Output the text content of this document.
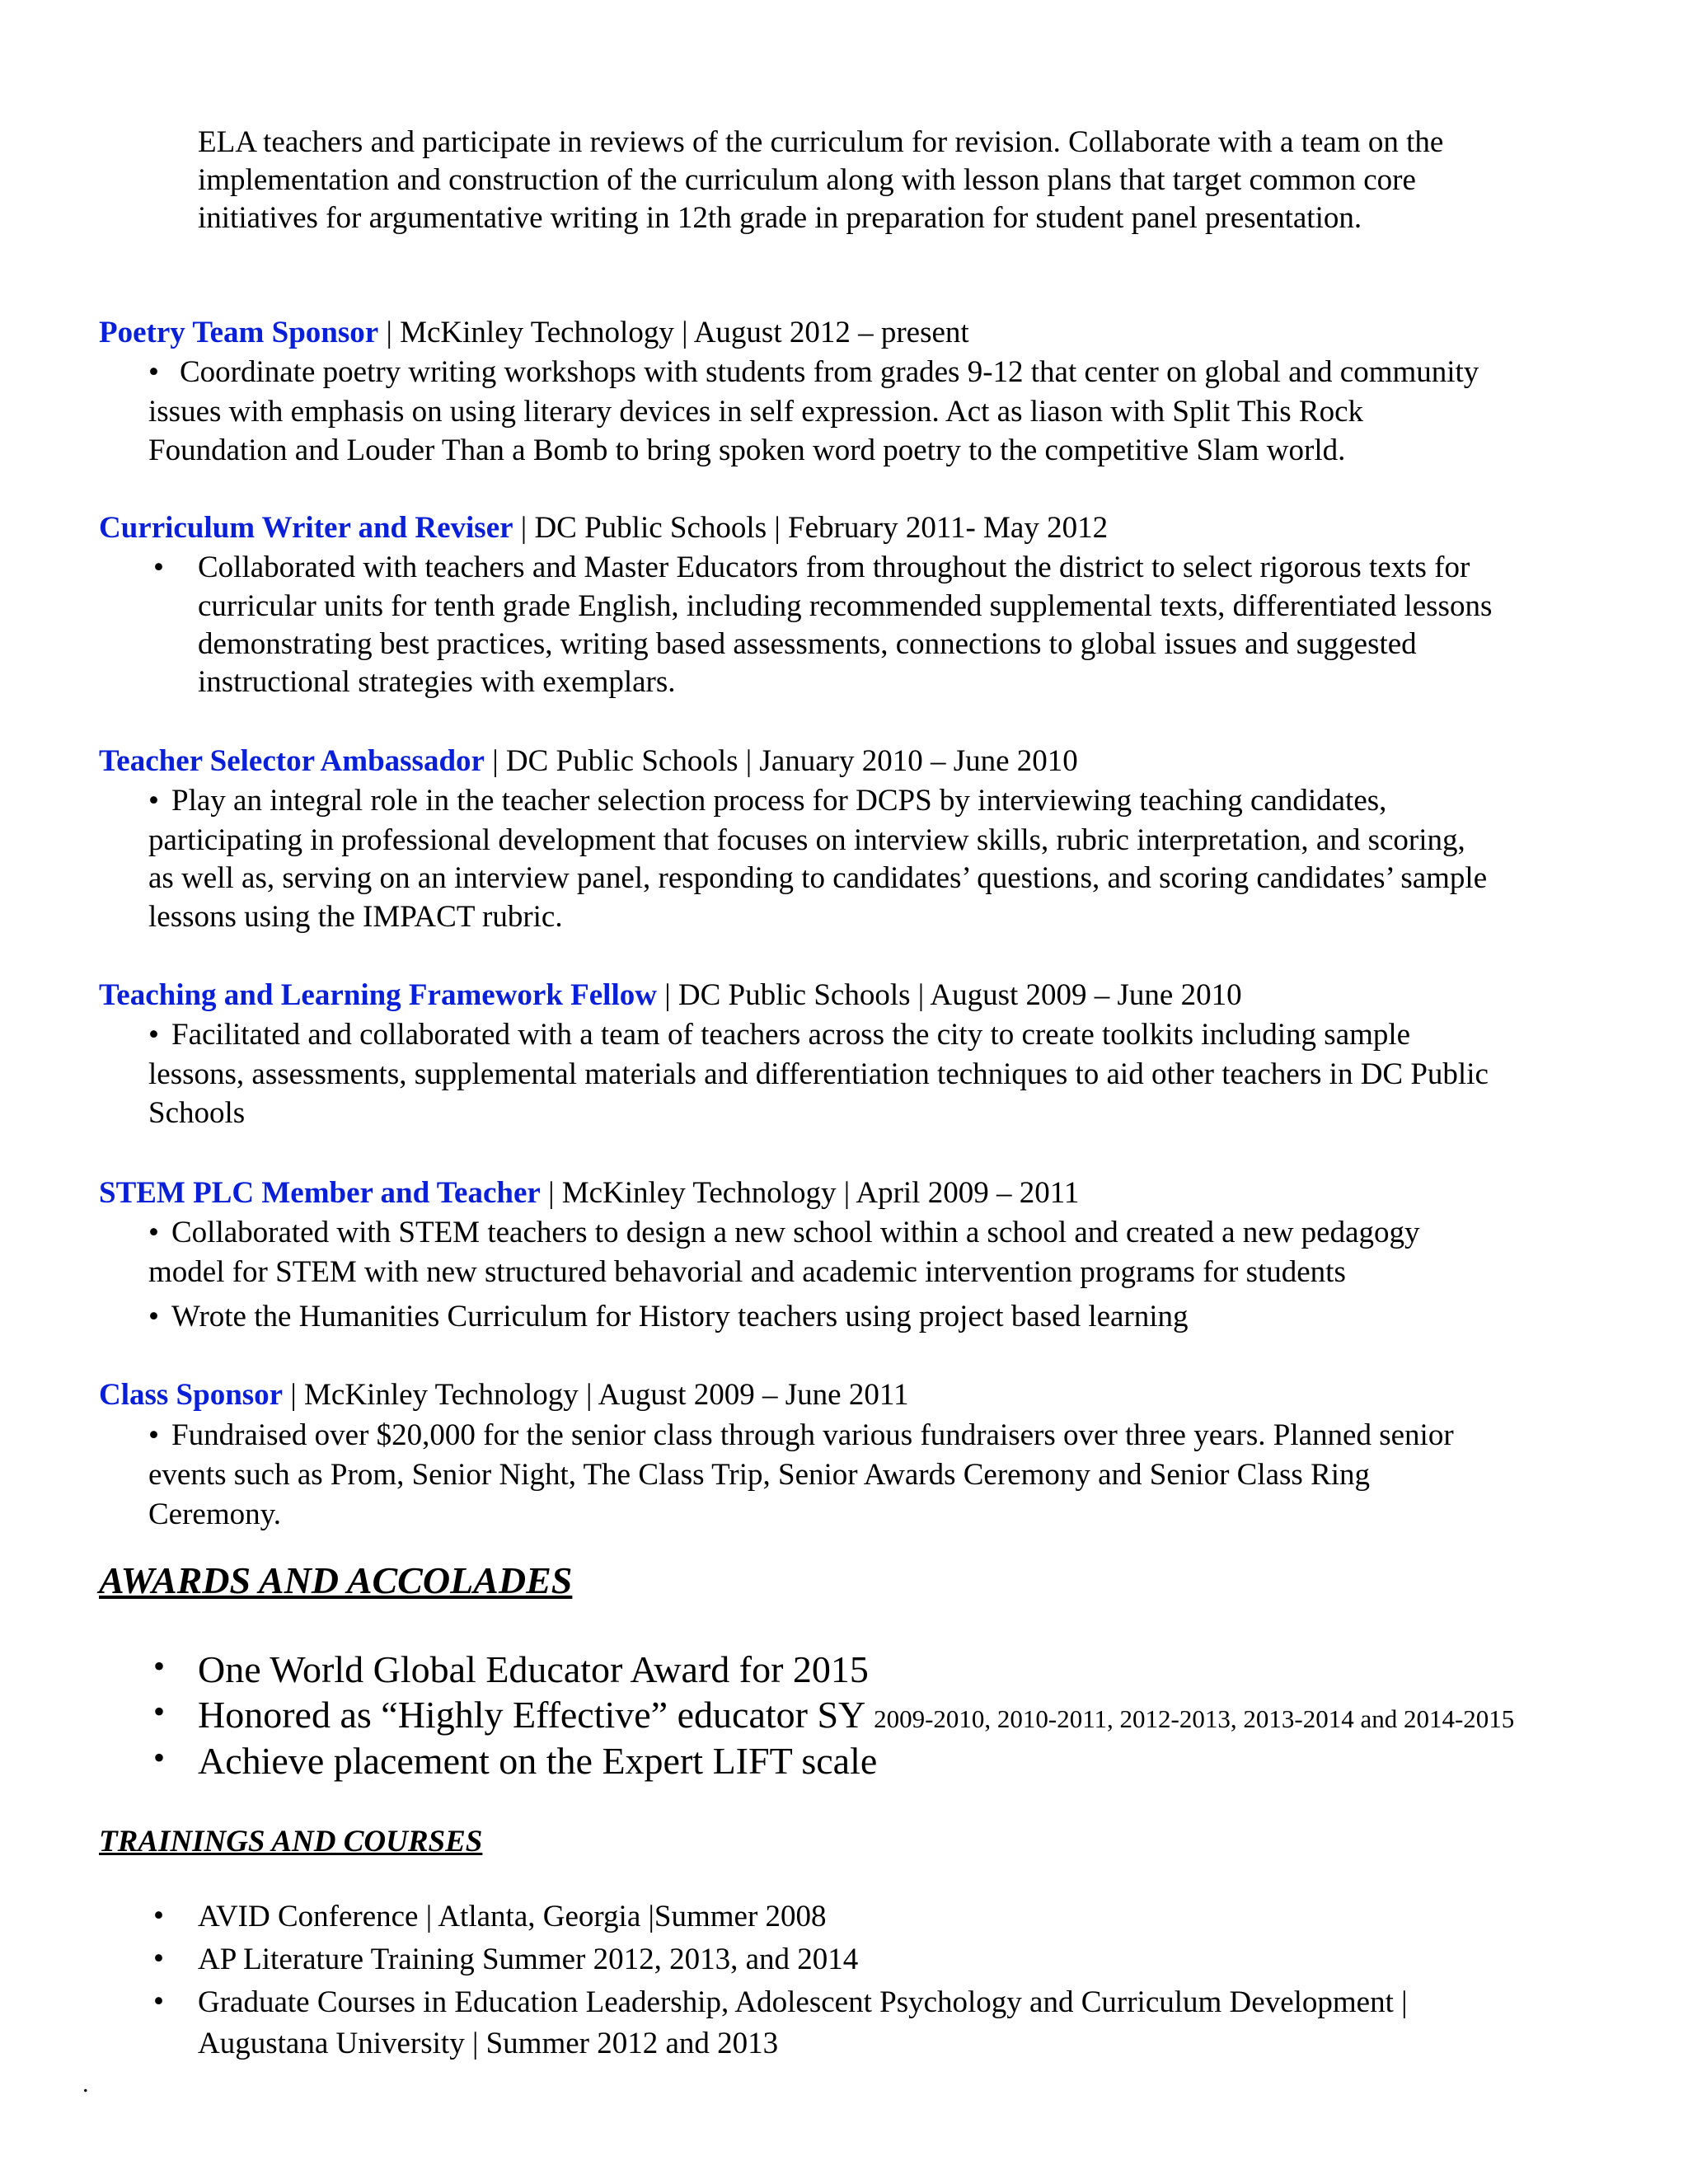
ELA teachers and participate in reviews of the curriculum for revision. Collaborate with a team on the
implementation and construction of the curriculum along with lesson plans that target common core
initiatives for argumentative writing in 12th grade in preparation for student panel presentation.
Poetry Team Sponsor | McKinley Technology | August 2012 – present
• Coordinate poetry writing workshops with students from grades 9-12 that center on global and community
issues with emphasis on using literary devices in self expression. Act as liason with Split This Rock
Foundation and Louder Than a Bomb to bring spoken word poetry to the competitive Slam world.
Curriculum Writer and Reviser | DC Public Schools | February 2011- May 2012
• Collaborated with teachers and Master Educators from throughout the district to select rigorous texts for
curricular units for tenth grade English, including recommended supplemental texts, differentiated lessons
demonstrating best practices, writing based assessments, connections to global issues and suggested
instructional strategies with exemplars.
Teacher Selector Ambassador | DC Public Schools | January 2010 – June 2010
• Play an integral role in the teacher selection process for DCPS by interviewing teaching candidates,
participating in professional development that focuses on interview skills, rubric interpretation, and scoring,
as well as, serving on an interview panel, responding to candidates’ questions, and scoring candidates’ sample
lessons using the IMPACT rubric.
Teaching and Learning Framework Fellow | DC Public Schools | August 2009 – June 2010
• Facilitated and collaborated with a team of teachers across the city to create toolkits including sample
lessons, assessments, supplemental materials and differentiation techniques to aid other teachers in DC Public
Schools
STEM PLC Member and Teacher | McKinley Technology | April 2009 – 2011
• Collaborated with STEM teachers to design a new school within a school and created a new pedagogy
model for STEM with new structured behavorial and academic intervention programs for students
• Wrote the Humanities Curriculum for History teachers using project based learning
Class Sponsor | McKinley Technology | August 2009 – June 2011
• Fundraised over $20,000 for the senior class through various fundraisers over three years. Planned senior
events such as Prom, Senior Night, The Class Trip, Senior Awards Ceremony and Senior Class Ring
Ceremony.
AWARDS AND ACCOLADES
• One World Global Educator Award for 2015
• Honored as “Highly Effective” educator SY 2009-2010, 2010-2011, 2012-2013, 2013-2014 and 2014-2015
• Achieve placement on the Expert LIFT scale
TRAININGS AND COURSES
• AVID Conference | Atlanta, Georgia |Summer 2008
• AP Literature Training Summer 2012, 2013, and 2014
• Graduate Courses in Education Leadership, Adolescent Psychology and Curriculum Development |
Augustana University | Summer 2012 and 2013
.
